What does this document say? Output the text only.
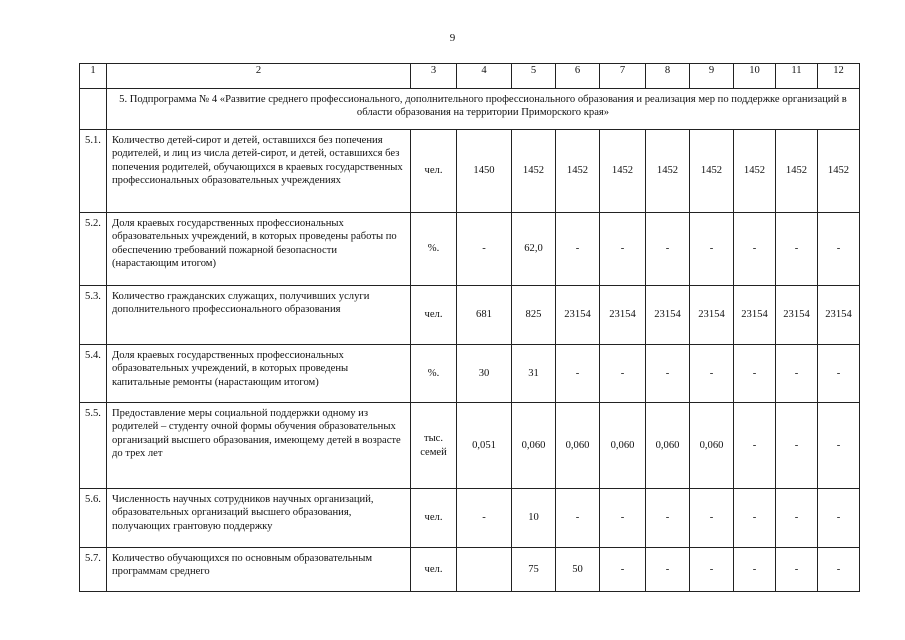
9
1	2	3	4	5	6	7	8	9	10	11	12
	5. Подпрограмма № 4 «Развитие среднего профессионального, дополнительного профессионального образования и реализация мер по поддержке организаций в области образования на территории Приморского края»										
5.1.	Количество детей-сирот и детей, оставшихся без попечения родителей, и лиц из числа детей-сирот, и детей, оставшихся без попечения родителей, обучающихся в краевых государственных профессиональных образовательных учреждениях	чел.	1450	1452	1452	1452	1452	1452	1452	1452	1452
5.2.	Доля краевых государственных профессиональных образовательных учреждений, в которых проведены работы по обеспечению требований пожарной безопасности (нарастающим итогом)	%.	-	62,0	-	-	-	-	-	-	-
5.3.	Количество гражданских служащих, получивших услуги дополнительного профессионального образования	чел.	681	825	23154	23154	23154	23154	23154	23154	23154
5.4.	Доля краевых государственных профессиональных образовательных учреждений, в которых проведены капитальные ремонты (нарастающим итогом)	%.	30	31	-	-	-	-	-	-	-
5.5.	Предоставление меры социальной поддержки одному из родителей – студенту очной формы обучения образовательных организаций высшего образования, имеющему детей в возрасте до трех лет	тыс. семей	0,051	0,060	0,060	0,060	0,060	0,060	-	-	-
5.6.	Численность научных сотрудников научных организаций, образовательных организаций высшего образования, получающих грантовую поддержку	чел.	-	10	-	-	-	-	-	-	-
5.7.	Количество обучающихся по основным образовательным программам среднего	чел.		75	50	-	-	-	-	-	-
